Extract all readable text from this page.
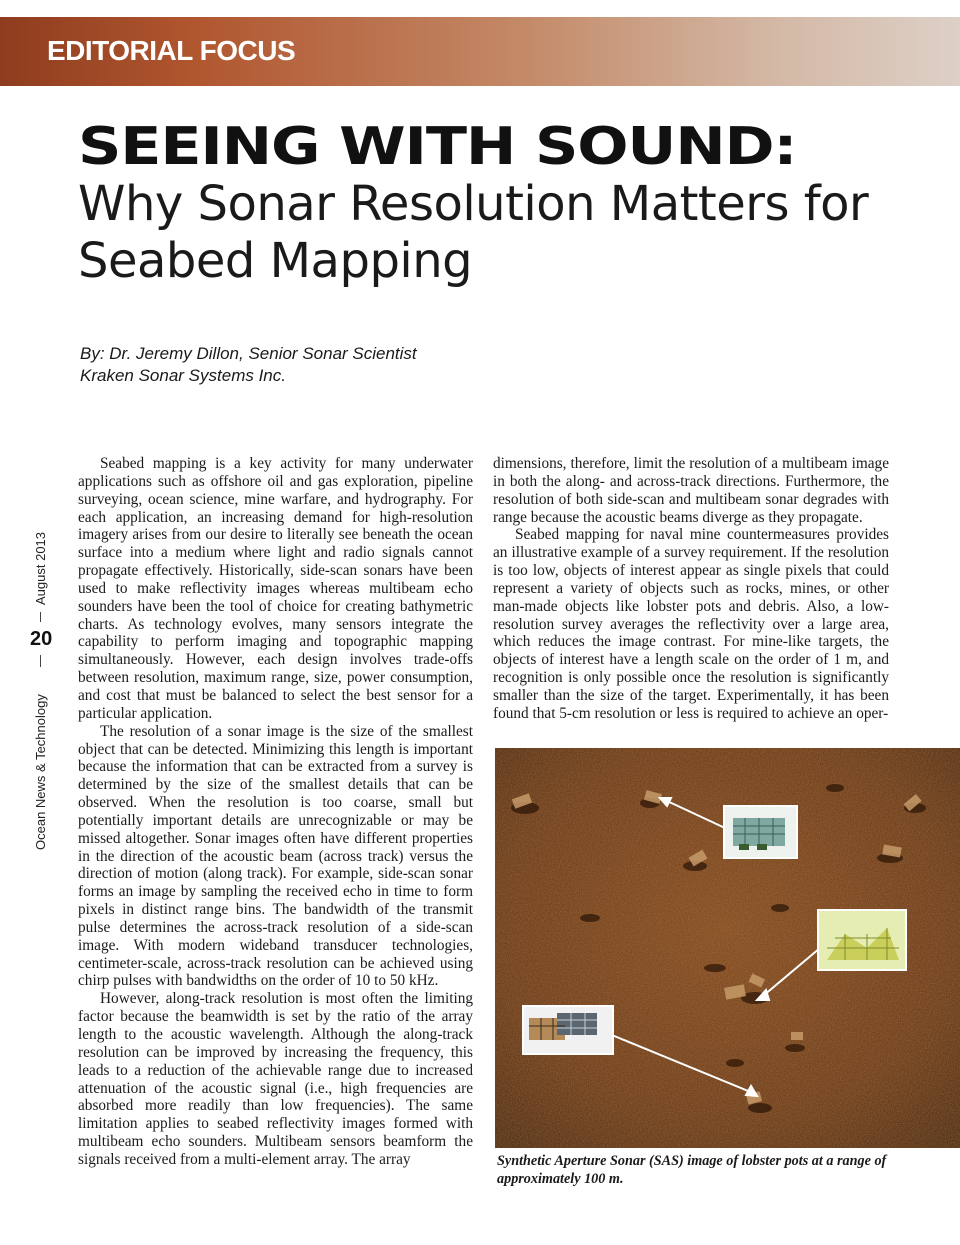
EDITORIAL FOCUS
SEEING WITH SOUND:
Why Sonar Resolution Matters for Seabed Mapping
By: Dr. Jeremy Dillon, Senior Sonar Scientist
Kraken Sonar Systems Inc.
August 2013
20
Ocean News & Technology

Seabed mapping is a key activity for many underwater applications such as offshore oil and gas exploration, pipeline surveying, ocean science, mine warfare, and hydrography. For each application, an increasing demand for high-resolution imagery arises from our desire to literally see beneath the ocean surface into a medium where light and radio signals cannot propagate effectively. Historically, side-scan sonars have been used to make reflectivity images whereas multibeam echo sounders have been the tool of choice for creating bathymetric charts. As technology evolves, many sensors integrate the capability to perform imaging and topographic mapping simultaneously. However, each design involves trade-offs between resolution, maximum range, size, power consumption, and cost that must be balanced to select the best sensor for a particular application.

The resolution of a sonar image is the size of the smallest object that can be detected. Minimizing this length is important because the information that can be extracted from a survey is determined by the size of the smallest details that can be observed. When the resolution is too coarse, small but potentially important details are unrecognizable or may be missed altogether. Sonar images often have different properties in the direction of the acoustic beam (across track) versus the direction of motion (along track). For example, side-scan sonar forms an image by sampling the received echo in time to form pixels in distinct range bins. The bandwidth of the transmit pulse determines the across-track resolution of a side-scan image. With modern wideband transducer technologies, centimeter-scale, across-track resolution can be achieved using chirp pulses with bandwidths on the order of 10 to 50 kHz.

However, along-track resolution is most often the limiting factor because the beamwidth is set by the ratio of the array length to the acoustic wavelength. Although the along-track resolution can be improved by increasing the frequency, this leads to a reduction of the achievable range due to increased attenuation of the acoustic signal (i.e., high frequencies are absorbed more readily than low frequencies). The same limitation applies to seabed reflectivity images formed with multibeam echo sounders. Multibeam sensors beamform the signals received from a multi-element array. The array

dimensions, therefore, limit the resolution of a multibeam image in both the along- and across-track directions. Furthermore, the resolution of both side-scan and multibeam sonar degrades with range because the acoustic beams diverge as they propagate.

Seabed mapping for naval mine countermeasures provides an illustrative example of a survey requirement. If the resolution is too low, objects of interest appear as single pixels that could represent a variety of objects such as rocks, mines, or other man-made objects like lobster pots and debris. Also, a low-resolution survey averages the reflectivity over a large area, which reduces the image contrast. For mine-like targets, the objects of interest have a length scale on the order of 1 m, and recognition is only possible once the resolution is significantly smaller than the size of the target. Experimentally, it has been found that 5-cm resolution or less is required to achieve an oper-

Synthetic Aperture Sonar (SAS) image of lobster pots at a range of approximately 100 m.
